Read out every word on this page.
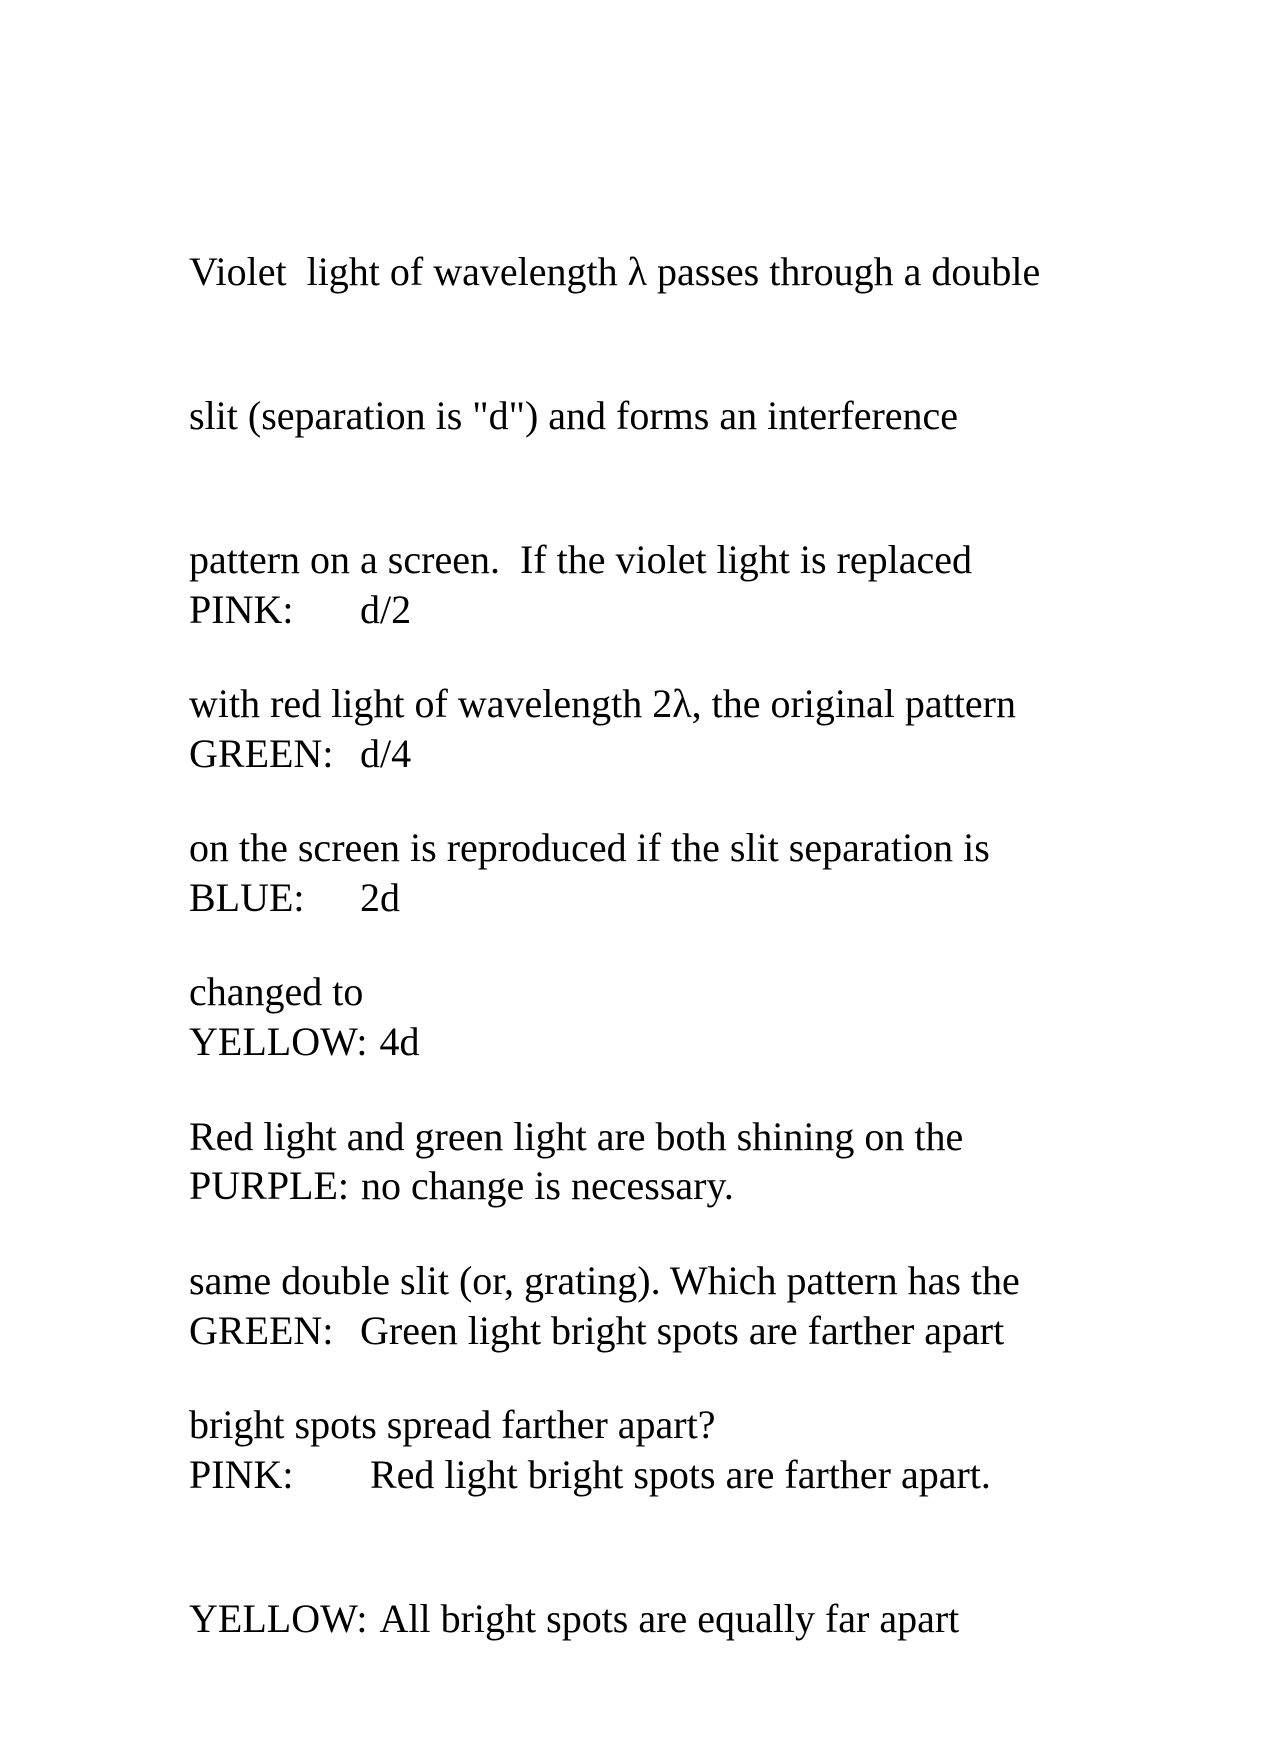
Violet  light of wavelength λ passes through a double

slit (separation is "d") and forms an interference

pattern on a screen.  If the violet light is replaced

with red light of wavelength 2λ, the original pattern

on the screen is reproduced if the slit separation is

changed to

PINK: d/2

GREEN: d/4

BLUE: 2d

YELLOW: 4d

PURPLE: no change is necessary.

Red light and green light are both shining on the

same double slit (or, grating). Which pattern has the

bright spots spread farther apart?

GREEN: Green light bright spots are farther apart

PINK: Red light bright spots are farther apart.

YELLOW: All bright spots are equally far apart
